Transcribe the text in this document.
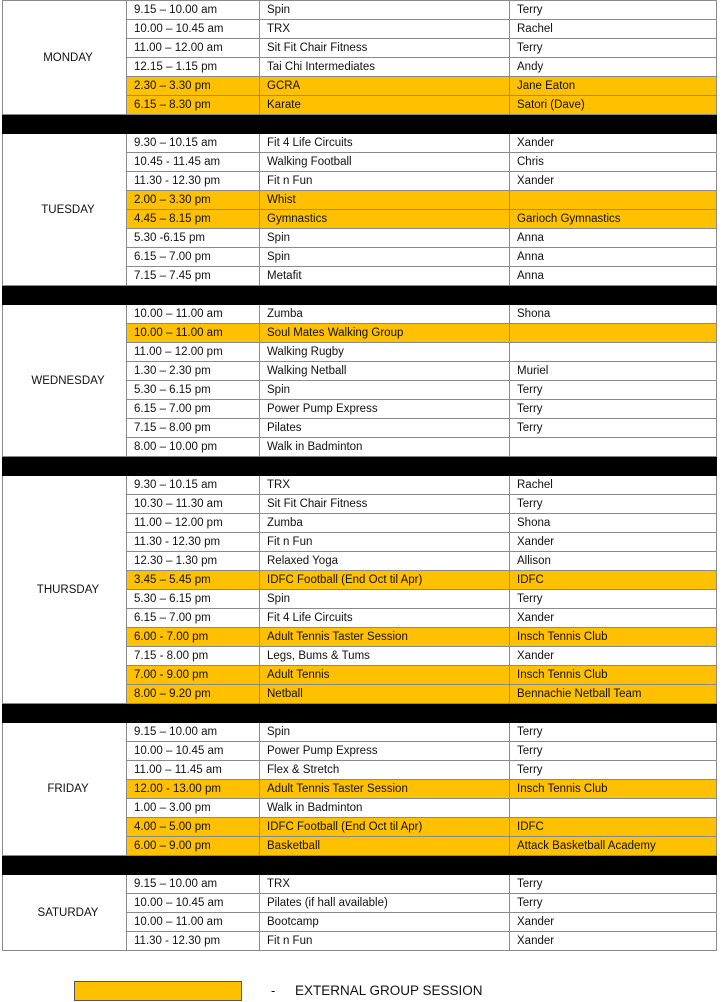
MONDAY	9.15 – 10.00 am	Spin	Terry
	10.00 – 10.45 am	TRX	Rachel
	11.00 – 12.00 am	Sit Fit Chair Fitness	Terry
	12.15 – 1.15 pm	Tai Chi Intermediates	Andy
	2.30 – 3.30 pm	GCRA	Jane Eaton
	6.15 – 8.30 pm	Karate	Satori (Dave)

TUESDAY	9.30 – 10.15 am	Fit 4 Life Circuits	Xander
	10.45 - 11.45 am	Walking Football	Chris
	11.30 - 12.30 pm	Fit n Fun	Xander
	2.00 – 3.30 pm	Whist	
	4.45 – 8.15 pm	Gymnastics	Garioch Gymnastics
	5.30 -6.15 pm	Spin	Anna
	6.15 – 7.00 pm	Spin	Anna
	7.15 – 7.45 pm	Metafit	Anna

WEDNESDAY	10.00 – 11.00 am	Zumba	Shona
	10.00 – 11.00 am	Soul Mates Walking Group	
	11.00 – 12.00 pm	Walking Rugby	
	1.30 – 2.30 pm	Walking Netball	Muriel
	5.30 – 6.15 pm	Spin	Terry
	6.15 – 7.00 pm	Power Pump Express	Terry
	7.15 – 8.00 pm	Pilates	Terry
	8.00 – 10.00 pm	Walk in Badminton	

THURSDAY	9.30 – 10.15 am	TRX	Rachel
	10.30 – 11.30 am	Sit Fit Chair Fitness	Terry
	11.00 – 12.00 pm	Zumba	Shona
	11.30 - 12.30 pm	Fit n Fun	Xander
	12.30 – 1.30 pm	Relaxed Yoga	Allison
	3.45 – 5.45 pm	IDFC Football (End Oct til Apr)	IDFC
	5.30 – 6.15 pm	Spin	Terry
	6.15 – 7.00 pm	Fit 4 Life Circuits	Xander
	6.00 - 7.00 pm	Adult Tennis Taster Session	Insch Tennis Club
	7.15 - 8.00 pm	Legs, Bums & Tums	Xander
	7.00 - 9.00 pm	Adult Tennis	Insch Tennis Club
	8.00 – 9.20 pm	Netball	Bennachie Netball Team

FRIDAY	9.15 – 10.00 am	Spin	Terry
	10.00 – 10.45 am	Power Pump Express	Terry
	11.00 – 11.45 am	Flex & Stretch	Terry
	12.00 - 13.00 pm	Adult Tennis Taster Session	Insch Tennis Club
	1.00 – 3.00 pm	Walk in Badminton	
	4.00 – 5.00 pm	IDFC Football (End Oct til Apr)	IDFC
	6.00 – 9.00 pm	Basketball	Attack Basketball Academy

SATURDAY	9.15 – 10.00 am	TRX	Terry
	10.00 – 10.45 am	Pilates (if hall available)	Terry
	10.00 – 11.00 am	Bootcamp	Xander
	11.30 - 12.30 pm	Fit n Fun	Xander
- EXTERNAL GROUP SESSION
